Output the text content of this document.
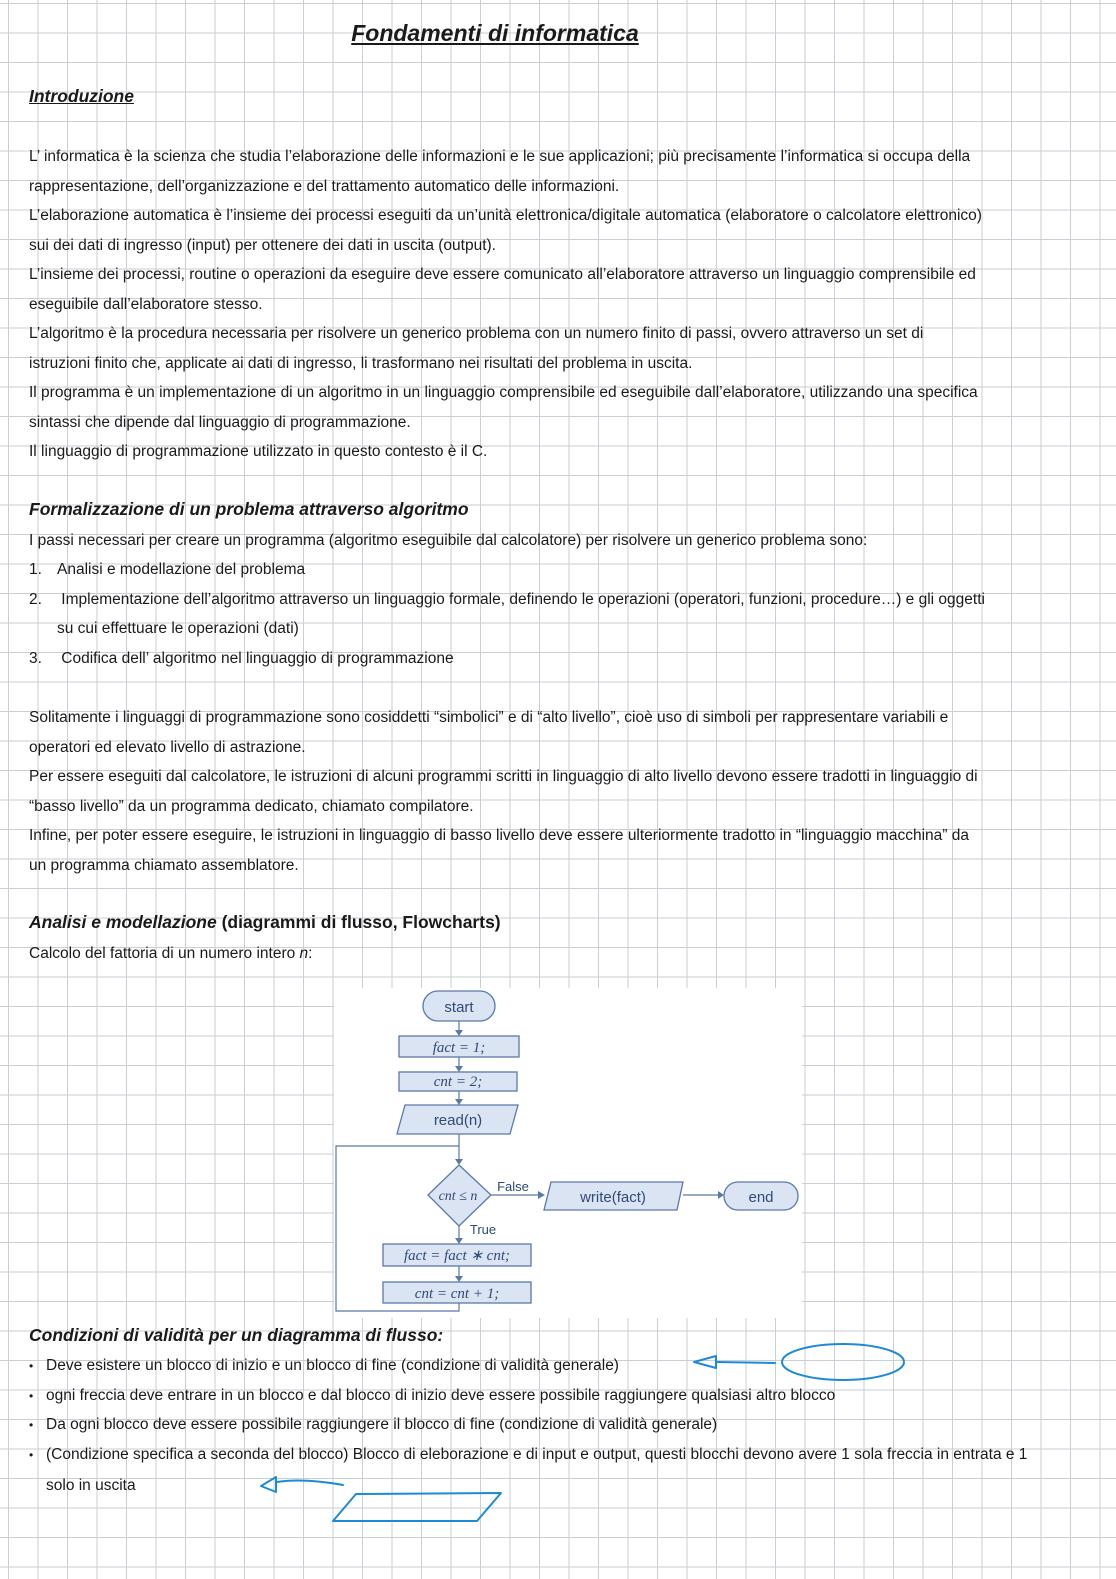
Fondamenti di informatica
Introduzione
L’ informatica è la scienza che studia l’elaborazione delle informazioni e le sue applicazioni; più precisamente l’informatica si occupa della
rappresentazione, dell’organizzazione e del trattamento automatico delle informazioni.
L’elaborazione automatica è l’insieme dei processi eseguiti da un’unità elettronica/digitale automatica (elaboratore o calcolatore elettronico)
sui dei dati di ingresso (input) per ottenere dei dati in uscita (output).
L’insieme dei processi, routine o operazioni da eseguire deve essere comunicato all’elaboratore attraverso un linguaggio comprensibile ed
eseguibile dall’elaboratore stesso.
L’algoritmo è la procedura necessaria per risolvere un generico problema con un numero finito di passi, ovvero attraverso un set di
istruzioni finito che, applicate ai dati di ingresso, li trasformano nei risultati del problema in uscita.
Il programma è un implementazione di un algoritmo in un linguaggio comprensibile ed eseguibile dall’elaboratore, utilizzando una specifica
sintassi che dipende dal linguaggio di programmazione.
Il linguaggio di programmazione utilizzato in questo contesto è il C.
Formalizzazione di un problema attraverso algoritmo
I passi necessari per creare un programma (algoritmo eseguibile dal calcolatore) per risolvere un generico problema sono:
1. Analisi e modellazione del problema
2. Implementazione dell’algoritmo attraverso un linguaggio formale, definendo le operazioni (operatori, funzioni, procedure…) e gli oggetti
su cui effettuare le operazioni (dati)
3. Codifica dell’ algoritmo nel linguaggio di programmazione
Solitamente i linguaggi di programmazione sono cosiddetti “simbolici” e di “alto livello”, cioè uso di simboli per rappresentare variabili e
operatori ed elevato livello di astrazione.
Per essere eseguiti dal calcolatore, le istruzioni di alcuni programmi scritti in linguaggio di alto livello devono essere tradotti in linguaggio di
“basso livello” da un programma dedicato, chiamato compilatore.
Infine, per poter essere eseguire, le istruzioni in linguaggio di basso livello deve essere ulteriormente tradotto in “linguaggio macchina” da
un programma chiamato assemblatore.
Analisi e modellazione (diagrammi di flusso, Flowcharts)
Calcolo del fattoria di un numero intero n:
start
fact = 1;
cnt = 2;
read(n)
cnt ≤ n
False
True
write(fact)	end
fact = fact ∗ cnt;
cnt = cnt + 1;
Condizioni di validità per un diagramma di flusso:
• Deve esistere un blocco di inizio e un blocco di fine (condizione di validità generale)
• ogni freccia deve entrare in un blocco e dal blocco di inizio deve essere possibile raggiungere qualsiasi altro blocco
• Da ogni blocco deve essere possibile raggiungere il blocco di fine (condizione di validità generale)
• (Condizione specifica a seconda del blocco) Blocco di eleborazione e di input e output, questi blocchi devono avere 1 sola freccia in entrata e 1 solo in uscita
